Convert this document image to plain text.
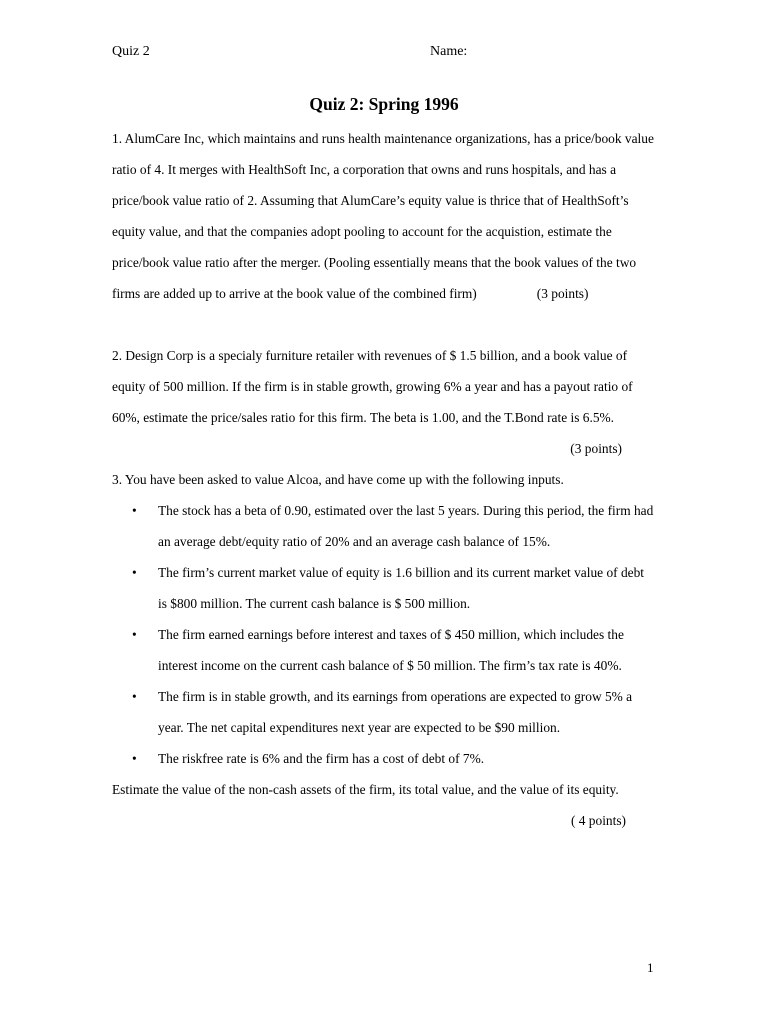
Quiz 2	Name:
Quiz 2: Spring 1996

1. AlumCare Inc, which maintains and runs health maintenance organizations, has a price/book value ratio of 4. It merges with HealthSoft Inc, a corporation that owns and runs hospitals, and has a price/book value ratio of 2. Assuming that AlumCare’s equity value is thrice that of HealthSoft’s equity value, and that the companies adopt pooling to account for the acquistion, estimate the price/book value ratio after the merger. (Pooling essentially means that the book values of the two firms are added up to arrive at the book value of the combined firm)	(3 points)

2. Design Corp is a specialy furniture retailer with revenues of $ 1.5 billion, and a book value of equity of 500 million. If the firm is in stable growth, growing 6% a year and has a payout ratio of 60%, estimate the price/sales ratio for this firm. The beta is 1.00, and the T.Bond rate is 6.5%.
(3 points)

3. You have been asked to value Alcoa, and have come up with the following inputs.

• The stock has a beta of 0.90, estimated over the last 5 years. During this period, the firm had an average debt/equity ratio of 20% and an average cash balance of 15%.
• The firm’s current market value of equity is 1.6 billion and its current market value of debt is $800 million. The current cash balance is $ 500 million.
• The firm earned earnings before interest and taxes of $ 450 million, which includes the interest income on the current cash balance of $ 50 million. The firm’s tax rate is 40%.
• The firm is in stable growth, and its earnings from operations are expected to grow 5% a year. The net capital expenditures next year are expected to be $90 million.
• The riskfree rate is 6% and the firm has a cost of debt of 7%.

Estimate the value of the non-cash assets of the firm, its total value, and the value of its equity.
( 4 points)

1
